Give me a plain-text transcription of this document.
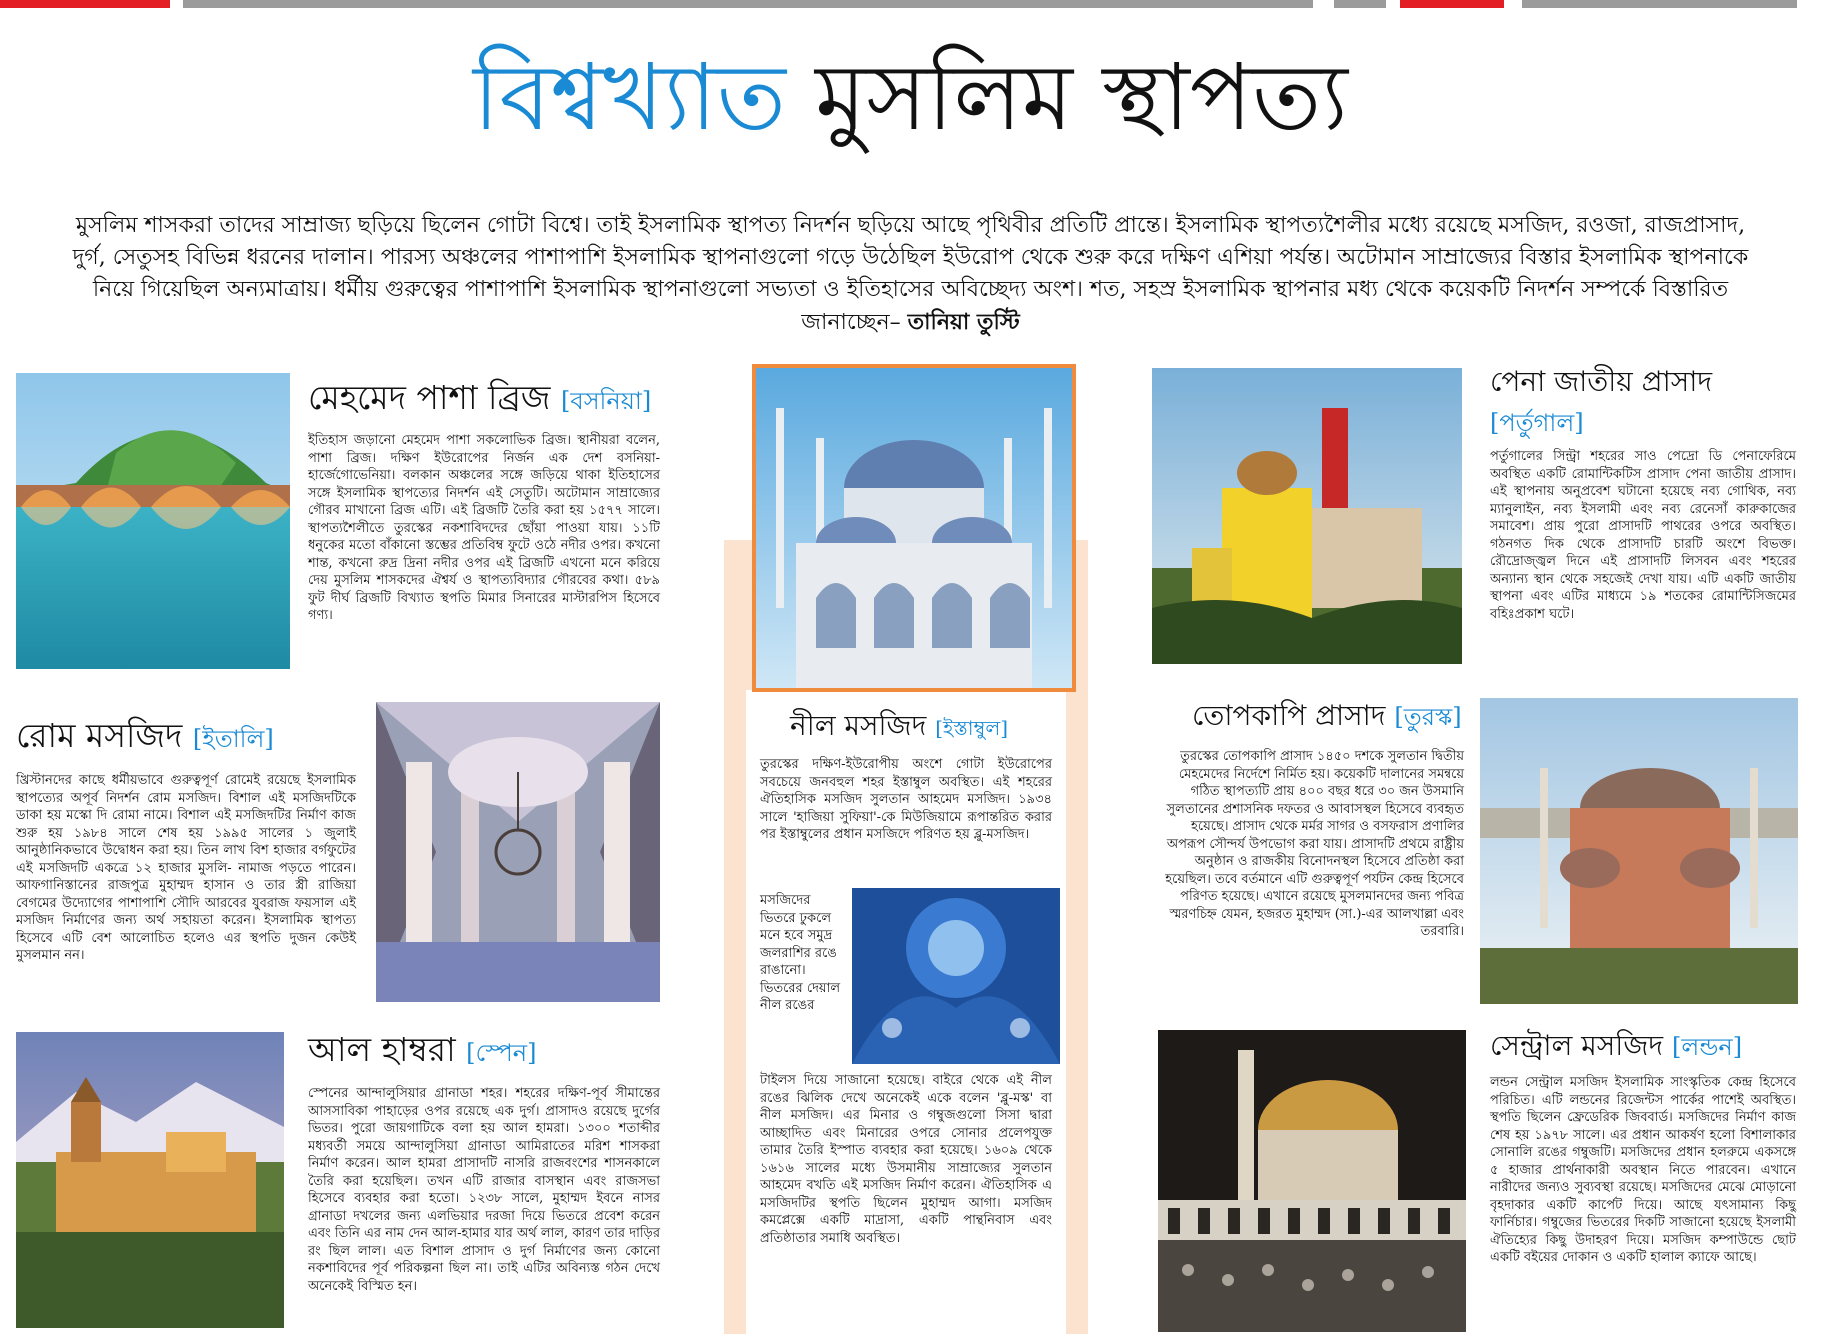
বিশ্বখ্যাত মুসলিম স্থাপত্য
মুসলিম শাসকরা তাদের সাম্রাজ্য ছড়িয়ে ছিলেন গোটা বিশ্বে। তাই ইসলামিক স্থাপত্য নিদর্শন ছড়িয়ে আছে পৃথিবীর প্রতিটি প্রান্তে। ইসলামিক স্থাপত্যশৈলীর মধ্যে রয়েছে মসজিদ, রওজা, রাজপ্রাসাদ, দুর্গ, সেতুসহ বিভিন্ন ধরনের দালান। পারস্য অঞ্চলের পাশাপাশি ইসলামিক স্থাপনাগুলো গড়ে উঠেছিল ইউরোপ থেকে শুরু করে দক্ষিণ এশিয়া পর্যন্ত। অটোমান সাম্রাজ্যের বিস্তার ইসলামিক স্থাপনাকে নিয়ে গিয়েছিল অন্যমাত্রায়। ধর্মীয় গুরুত্বের পাশাপাশি ইসলামিক স্থাপনাগুলো সভ্যতা ও ইতিহাসের অবিচ্ছেদ্য অংশ। শত, সহস্র ইসলামিক স্থাপনার মধ্য থেকে কয়েকটি নিদর্শন সম্পর্কে বিস্তারিত জানাচ্ছেন– তানিয়া তুস্টি
মেহমেদ পাশা ব্রিজ [বসনিয়া]

ইতিহাস জড়ানো মেহমেদ পাশা সকলোভিক ব্রিজ। স্থানীয়রা বলেন, পাশা ব্রিজ। দক্ষিণ ইউরোপের নির্জন এক দেশ বসনিয়া-হার্জেগোভেনিয়া। বলকান অঞ্চলের সঙ্গে জড়িয়ে থাকা ইতিহাসের সঙ্গে ইসলামিক স্থাপত্যের নিদর্শন এই সেতুটি। অটোমান সাম্রাজ্যের গৌরব মাখানো ব্রিজ এটি। এই ব্রিজটি তৈরি করা হয় ১৫৭৭ সালে। স্থাপত্যশৈলীতে তুরস্কের নকশাবিদদের ছোঁয়া পাওয়া যায়। ১১টি ধনুকের মতো বাঁকানো স্তম্ভের প্রতিবিম্ব ফুটে ওঠে নদীর ওপর। কখনো শান্ত, কখনো রুদ্র দ্রিনা নদীর ওপর এই ব্রিজটি এখনো মনে করিয়ে দেয় মুসলিম শাসকদের ঐশ্বর্য ও স্থাপত্যবিদ্যার গৌরবের কথা। ৫৮৯ ফুট দীর্ঘ ব্রিজটি বিখ্যাত স্থপতি মিমার সিনারের মাস্টারপিস হিসেবে গণ্য।

রোম মসজিদ [ইতালি]

খ্রিস্টানদের কাছে ধর্মীয়ভাবে গুরুত্বপূর্ণ রোমেই রয়েছে ইসলামিক স্থাপত্যের অপূর্ব নিদর্শন রোম মসজিদ। বিশাল এই মসজিদটিকে ডাকা হয় মস্কো দি রোমা নামে। বিশাল এই মসজিদটির নির্মাণ কাজ শুরু হয় ১৯৮৪ সালে শেষ হয় ১৯৯৫ সালের ১ জুলাই আনুষ্ঠানিকভাবে উদ্বোধন করা হয়। তিন লাখ বিশ হাজার বর্গফুটের এই মসজিদটি একত্রে ১২ হাজার মুসলি- নামাজ পড়তে পারেন। আফগানিস্তানের রাজপুত্র মুহাম্মদ হাসান ও তার স্ত্রী রাজিয়া বেগমের উদ্যোগের পাশাপাশি সৌদি আরবের যুবরাজ ফয়সাল এই মসজিদ নির্মাণের জন্য অর্থ সহায়তা করেন। ইসলামিক স্থাপত্য হিসেবে এটি বেশ আলোচিত হলেও এর স্থপতি দুজন কেউই মুসলমান নন।

আল হাম্বরা [স্পেন]

স্পেনের আন্দালুসিয়ার গ্রানাডা শহর। শহরের দক্ষিণ-পূর্ব সীমান্তের আসসাবিকা পাহাড়ের ওপর রয়েছে এক দুর্গ। প্রাসাদও রয়েছে দুর্গের ভিতর। পুরো জায়গাটিকে বলা হয় আল হামরা। ১৩০০ শতাব্দীর মধ্যবর্তী সময়ে আন্দালুসিয়া গ্রানাডা আমিরাতের মরিশ শাসকরা নির্মাণ করেন। আল হামরা প্রাসাদটি নাসরি রাজবংশের শাসনকালে তৈরি করা হয়েছিল। তখন এটি রাজার বাসস্থান এবং রাজসভা হিসেবে ব্যবহার করা হতো। ১২৩৮ সালে, মুহাম্মদ ইবনে নাসর গ্রানাডা দখলের জন্য এলভিয়ার দরজা দিয়ে ভিতরে প্রবেশ করেন এবং তিনি এর নাম দেন আল-হামার যার অর্থ লাল, কারণ তার দাড়ির রং ছিল লাল। এত বিশাল প্রাসাদ ও দুর্গ নির্মাণের জন্য কোনো নকশাবিদের পূর্ব পরিকল্পনা ছিল না। তাই এটির অবিন্যস্ত গঠন দেখে অনেকেই বিস্মিত হন।

নীল মসজিদ [ইস্তাম্বুল]

তুরস্কের দক্ষিণ-ইউরোপীয় অংশে গোটা ইউরোপের সবচেয়ে জনবহুল শহর ইস্তাম্বুল অবস্থিত। এই শহরের ঐতিহাসিক মসজিদ সুলতান আহমেদ মসজিদ। ১৯৩৪ সালে 'হাজিয়া সুফিয়া'-কে মিউজিয়ামে রূপান্তরিত করার পর ইস্তাম্বুলের প্রধান মসজিদে পরিণত হয় ব্লু-মসজিদ।

মসজিদের ভিতরে ঢুকলে মনে হবে সমুদ্র জলরাশির রঙে রাঙানো। ভিতরের দেয়াল নীল রঙের

টাইলস দিয়ে সাজানো হয়েছে। বাইরে থেকে এই নীল রঙের ঝিলিক দেখে অনেকেই একে বলেন 'ব্লু-মস্ক' বা নীল মসজিদ। এর মিনার ও গম্বুজগুলো সিসা দ্বারা আচ্ছাদিত এবং মিনারের ওপরে সোনার প্রলেপযুক্ত তামার তৈরি ইস্পাত ব্যবহার করা হয়েছে। ১৬০৯ থেকে ১৬১৬ সালের মধ্যে উসমানীয় সাম্রাজ্যের সুলতান আহমেদ বখতি এই মসজিদ নির্মাণ করেন। ঐতিহাসিক এ মসজিদটির স্থপতি ছিলেন মুহাম্মদ আগা। মসজিদ কমপ্লেক্সে একটি মাদ্রাসা, একটি পান্থনিবাস এবং প্রতিষ্ঠাতার সমাধি অবস্থিত।

পেনা জাতীয় প্রাসাদ
[পর্তুগাল]

পর্তুগালের সিন্ট্রা শহরের সাও পেদ্রো ডি পেনাফেরিমে অবস্থিত একটি রোমান্টিকটিস প্রাসাদ পেনা জাতীয় প্রাসাদ। এই স্থাপনায় অনুপ্রবেশ ঘটানো হয়েছে নব্য গোথিক, নব্য ম্যানুলাইন, নব্য ইসলামী এবং নব্য রেনেসাঁ কারুকাজের সমাবেশ। প্রায় পুরো প্রাসাদটি পাথরের ওপরে অবস্থিত। গঠনগত দিক থেকে প্রাসাদটি চারটি অংশে বিভক্ত। রৌদ্রোজ্জ্বল দিনে এই প্রাসাদটি লিসবন এবং শহরের অন্যান্য স্থান থেকে সহজেই দেখা যায়। এটি একটি জাতীয় স্থাপনা এবং এটির মাধ্যমে ১৯ শতকের রোমান্টিসিজমের বহিঃপ্রকাশ ঘটে।

তোপকাপি প্রাসাদ [তুরস্ক]

তুরস্কের তোপকাপি প্রাসাদ ১৪৫০ দশকে সুলতান দ্বিতীয় মেহমেদের নির্দেশে নির্মিত হয়। কয়েকটি দালানের সমন্বয়ে গঠিত স্থাপত্যটি প্রায় ৪০০ বছর ধরে ৩০ জন উসমানি সুলতানের প্রশাসনিক দফতর ও আবাসস্থল হিসেবে ব্যবহৃত হয়েছে। প্রাসাদ থেকে মর্মর সাগর ও বসফরাস প্রণালির অপরূপ সৌন্দর্য উপভোগ করা যায়। প্রাসাদটি প্রথমে রাষ্ট্রীয় অনুষ্ঠান ও রাজকীয় বিনোদনস্থল হিসেবে প্রতিষ্ঠা করা হয়েছিল। তবে বর্তমানে এটি গুরুত্বপূর্ণ পর্যটন কেন্দ্র হিসেবে পরিণত হয়েছে। এখানে রয়েছে মুসলমানদের জন্য পবিত্র স্মরণচিহ্ন যেমন, হজরত মুহাম্মদ (সা.)-এর আলখাল্লা এবং তরবারি।

সেন্ট্রাল মসজিদ [লন্ডন]

লন্ডন সেন্ট্রাল মসজিদ ইসলামিক সাংস্কৃতিক কেন্দ্র হিসেবে পরিচিত। এটি লন্ডনের রিজেন্টস পার্কের পাশেই অবস্থিত। স্থপতি ছিলেন ফ্রেডেরিক জিববার্ড। মসজিদের নির্মাণ কাজ শেষ হয় ১৯৭৮ সালে। এর প্রধান আকর্ষণ হলো বিশালাকার সোনালি রঙের গম্বুজটি। মসজিদের প্রধান হলরুমে একসঙ্গে ৫ হাজার প্রার্থনাকারী অবস্থান নিতে পারবেন। এখানে নারীদের জন্যও সুব্যবস্থা রয়েছে। মসজিদের মেঝে মোড়ানো বৃহদাকার একটি কার্পেট দিয়ে। আছে যৎসামান্য কিছু ফার্নিচার। গম্বুজের ভিতরের দিকটি সাজানো হয়েছে ইসলামী ঐতিহ্যের কিছু উদাহরণ দিয়ে। মসজিদ কম্পাউন্ডে ছোট একটি বইয়ের দোকান ও একটি হালাল ক্যাফে আছে।
